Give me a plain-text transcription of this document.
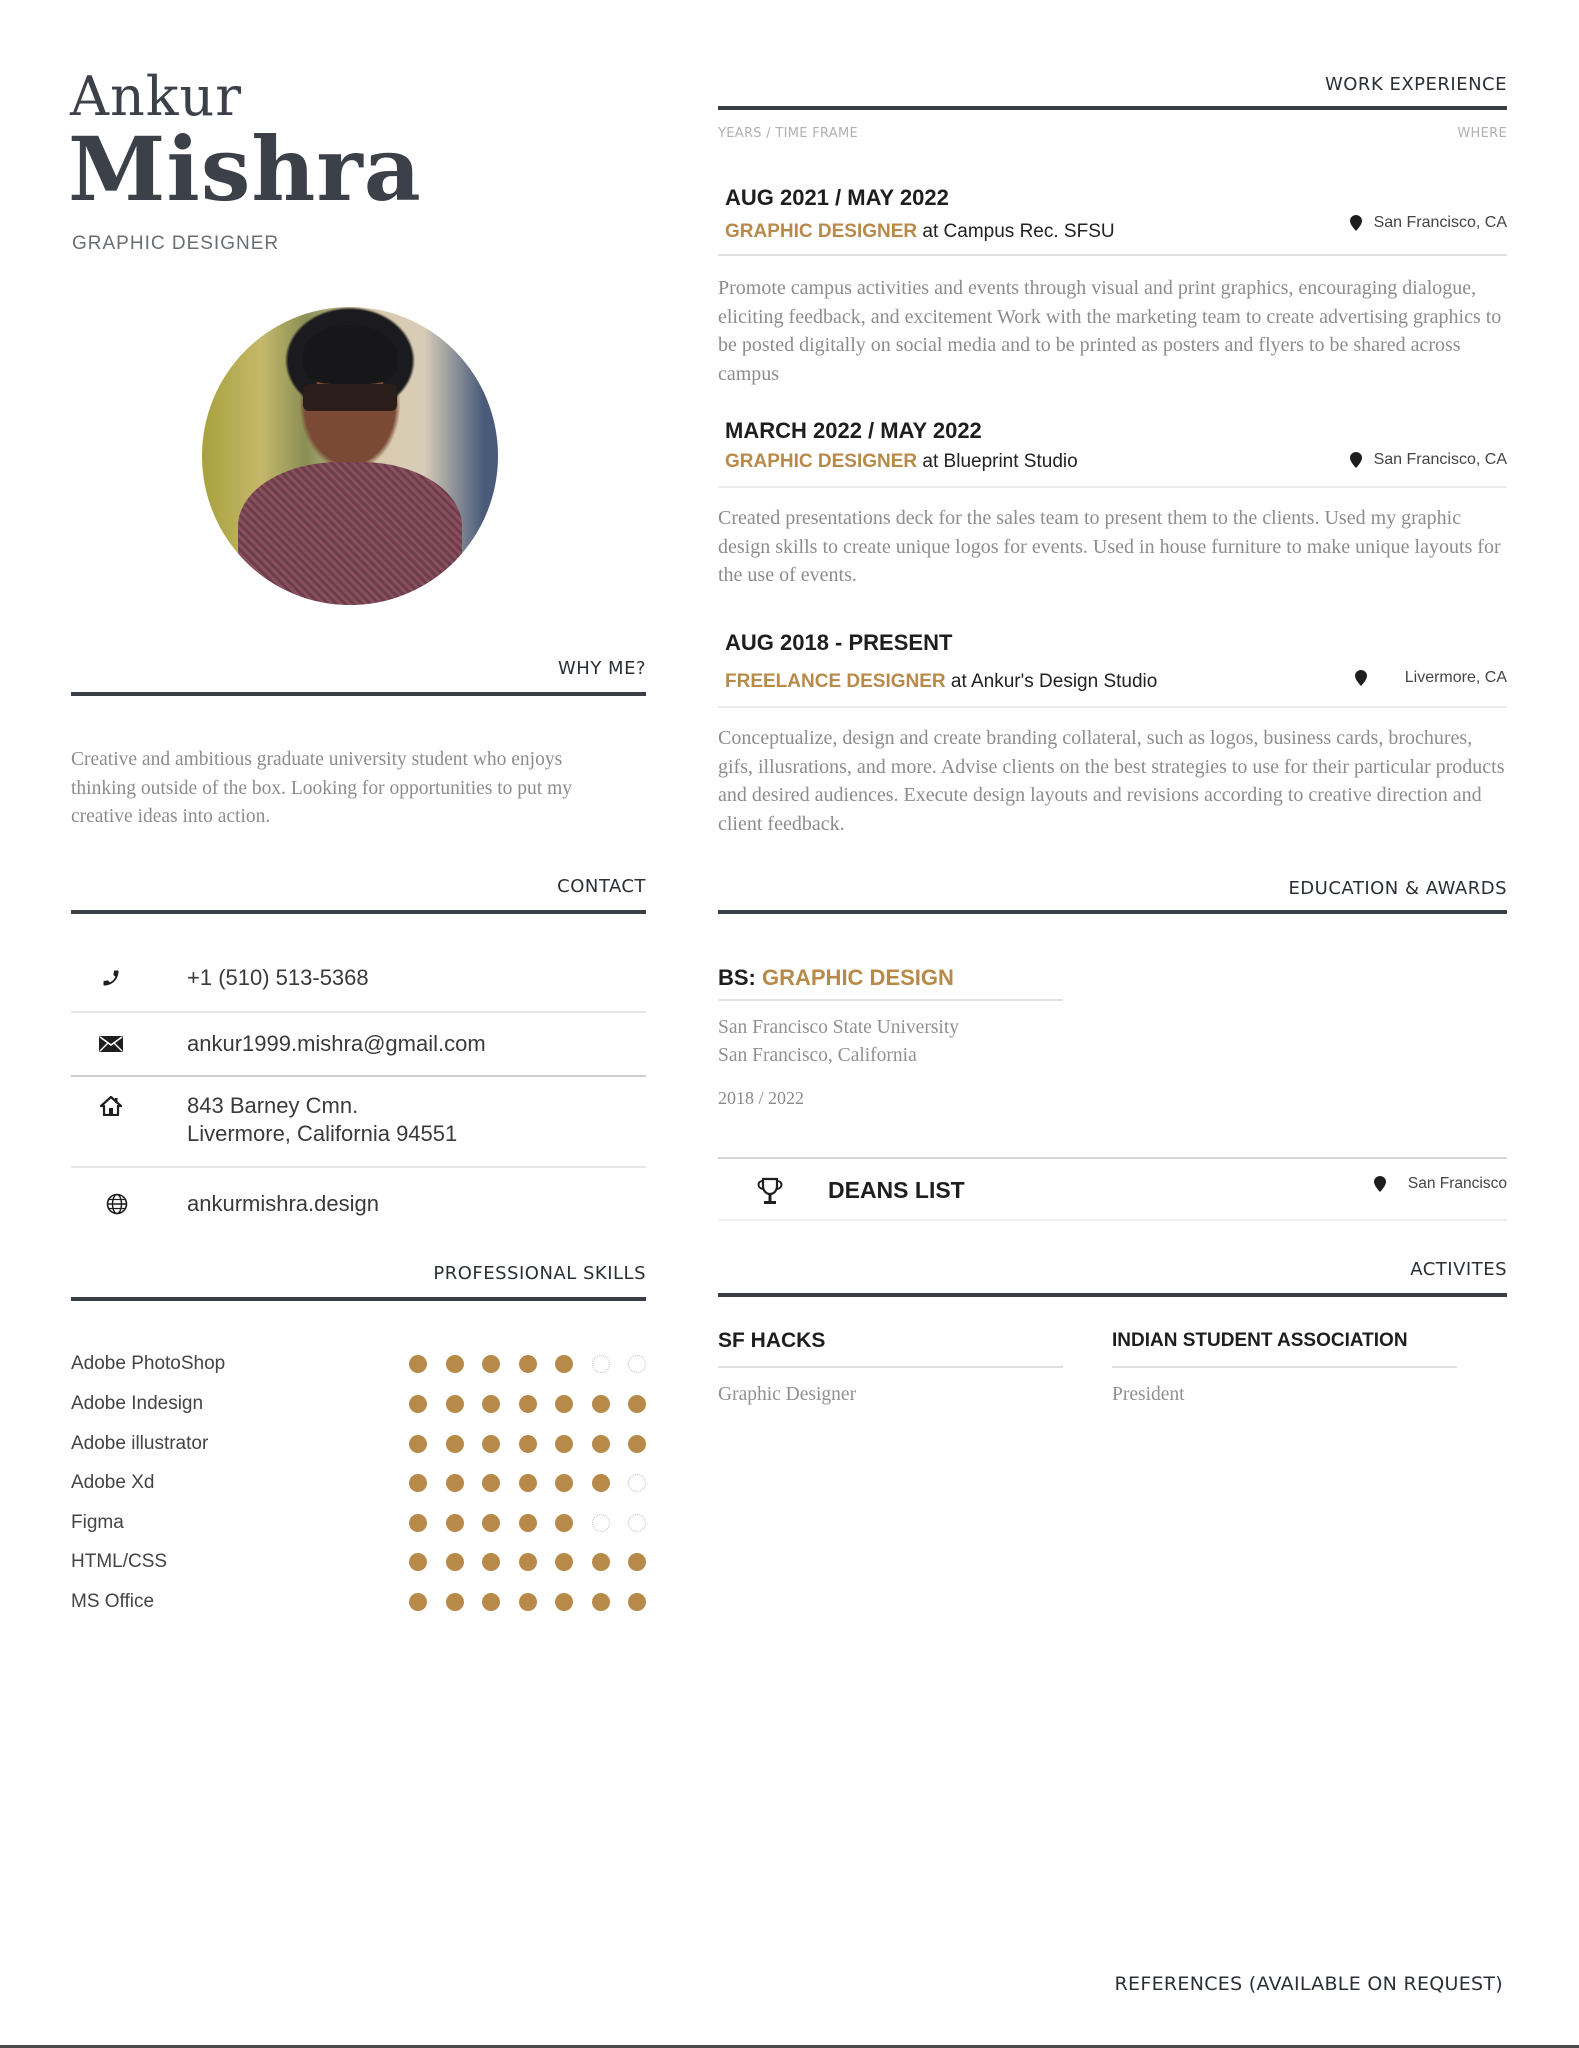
Ankur
Mishra
GRAPHIC DESIGNER
WHY ME?
Creative and ambitious graduate university student who enjoys thinking outside of the box. Looking for opportunities to put my creative ideas into action.
CONTACT
+1 (510) 513-5368
ankur1999.mishra@gmail.com
843 Barney Cmn.
Livermore, California 94551
ankurmishra.design
PROFESSIONAL SKILLS
Adobe PhotoShop
Adobe Indesign
Adobe illustrator
Adobe Xd
Figma
HTML/CSS
MS Office
WORK EXPERIENCE
YEARS / TIME FRAME	WHERE
AUG 2021 / MAY 2022
GRAPHIC DESIGNER at Campus Rec. SFSU	San Francisco, CA
Promote campus activities and events through visual and print graphics, encouraging dialogue, eliciting feedback, and excitement Work with the marketing team to create advertising graphics to be posted digitally on social media and to be printed as posters and flyers to be shared across campus
MARCH 2022 / MAY 2022
GRAPHIC DESIGNER at Blueprint Studio	San Francisco, CA
Created presentations deck for the sales team to present them to the clients. Used my graphic design skills to create unique logos for events. Used in house furniture to make unique layouts for the use of events.
AUG 2018 - PRESENT
FREELANCE DESIGNER at Ankur's Design Studio	Livermore, CA
Conceptualize, design and create branding collateral, such as logos, business cards, brochures, gifs, illusrations, and more. Advise clients on the best strategies to use for their particular products and desired audiences. Execute design layouts and revisions according to creative direction and client feedback.
EDUCATION & AWARDS
BS: GRAPHIC DESIGN
San Francisco State University
San Francisco, California
2018 / 2022
DEANS LIST	San Francisco
ACTIVITES
SF HACKS
Graphic Designer
INDIAN STUDENT ASSOCIATION
President
REFERENCES (AVAILABLE ON REQUEST)
